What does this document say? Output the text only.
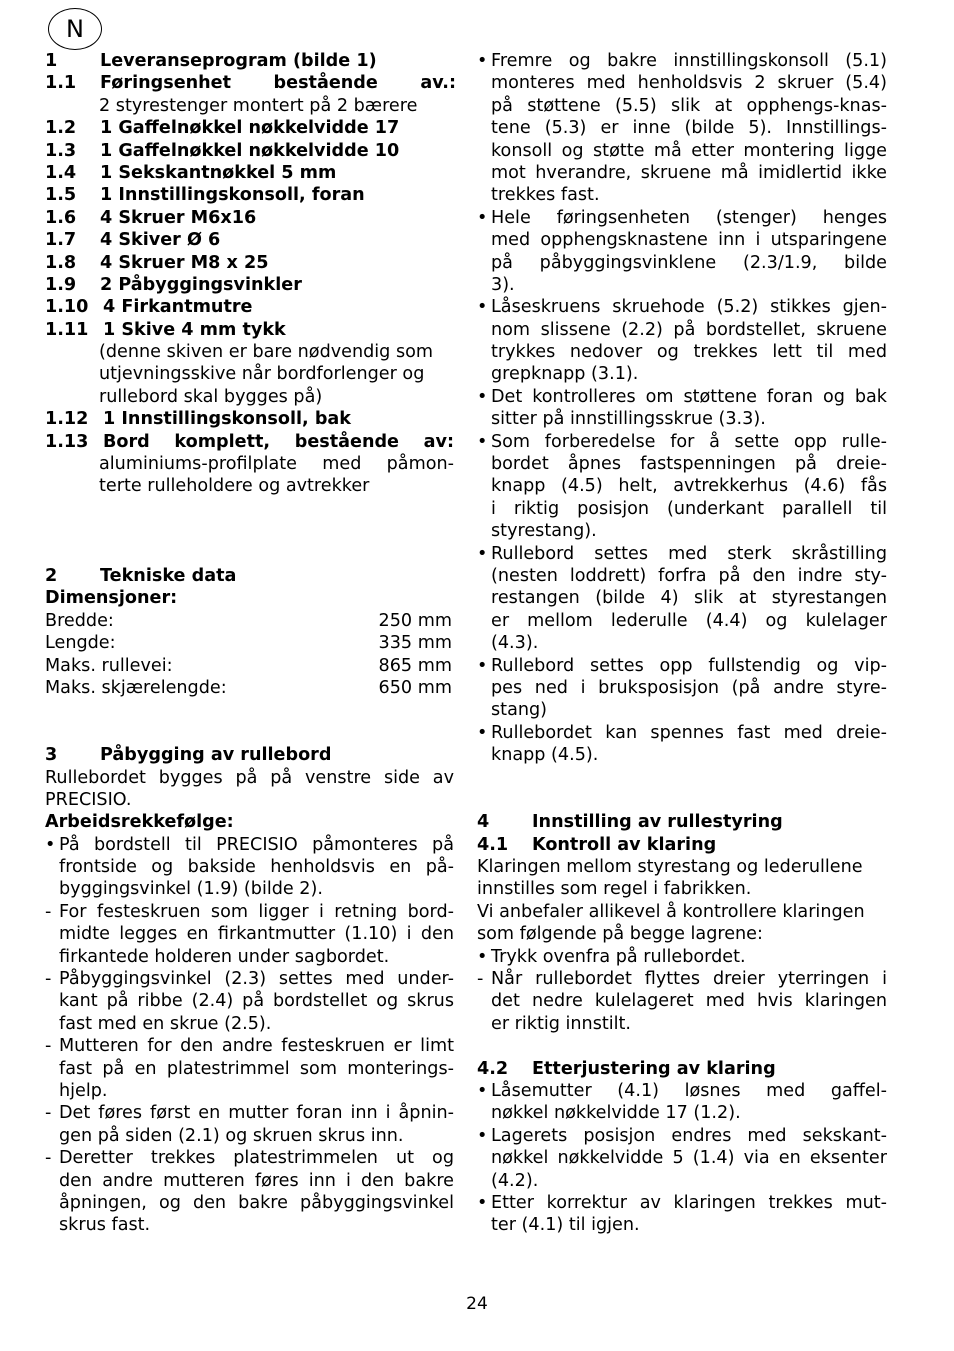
N
1 Leveranseprogram (bilde 1)
1.1	Føringsenhet bestående av.:
2 styrestenger montert på 2 bærere
1.2 1 Gaffelnøkkel nøkkelvidde 17
1.3 1 Gaffelnøkkel nøkkelvidde 10
1.4 1 Sekskantnøkkel 5 mm
1.5 1 Innstillingskonsoll, foran
1.6 4 Skruer M6x16
1.7 4 Skiver Ø 6
1.8 4 Skruer M8 x 25
1.9 2 Påbyggingsvinkler
1.10 4 Firkantmutre
1.11 1 Skive 4 mm tykk
(denne skiven er bare nødvendig som
utjevningsskive når bordforlenger og
rullebord skal bygges på)
1.12 1 Innstillingskonsoll, bak
1.13 Bord komplett, bestående av:
aluminiums-profilplate med påmon-
terte rulleholdere og avtrekker
2 Tekniske data
Dimensjoner:
Bredde:	250 mm
Lengde:	335 mm
Maks. rullevei:	865 mm
Maks. skjærelengde:	650 mm
3 Påbygging av rullebord
Rullebordet bygges på på venstre side av
PRECISIO.
Arbeidsrekkefølge:
• På bordstell til PRECISIO påmonteres på
frontside og bakside henholdsvis en på-
byggingsvinkel (1.9) (bilde 2).
- For festeskruen som ligger i retning bord-
midte legges en firkantmutter (1.10) i den
firkantede holderen under sagbordet.
- Påbyggingsvinkel (2.3) settes med under-
kant på ribbe (2.4) på bordstellet og skrus
fast med en skrue (2.5).
- Mutteren for den andre festeskruen er limt
fast på en platestrimmel som monterings-
hjelp.
- Det føres først en mutter foran inn i åpnin-
gen på siden (2.1) og skruen skrus inn.
- Deretter trekkes platestrimmelen ut og
den andre mutteren føres inn i den bakre
åpningen, og den bakre påbyggingsvinkel
skrus fast.
• Fremre og bakre innstillingskonsoll (5.1)
monteres med henholdsvis 2 skruer (5.4)
på støttene (5.5) slik at opphengs-knas-
tene (5.3) er inne (bilde 5). Innstillings-
konsoll og støtte må etter montering ligge
mot hverandre, skruene må imidlertid ikke
trekkes fast.
• Hele føringsenheten (stenger) henges
med opphengsknastene inn i utsparingene
på påbyggingsvinklene (2.3/1.9, bilde
3).
• Låseskruens skruehode (5.2) stikkes gjen-
nom slissene (2.2) på bordstellet, skruene
trykkes nedover og trekkes lett til med
grepknapp (3.1).
• Det kontrolleres om støttene foran og bak
sitter på innstillingsskrue (3.3).
• Som forberedelse for å sette opp rulle-
bordet åpnes fastspenningen på dreie-
knapp (4.5) helt, avtrekkerhus (4.6) fås
i riktig posisjon (underkant parallell til
styrestang).
• Rullebord settes med sterk skråstilling
(nesten loddrett) forfra på den indre sty-
restangen (bilde 4) slik at styrestangen
er mellom lederulle (4.4) og kulelager
(4.3).
• Rullebord settes opp fullstendig og vip-
pes ned i bruksposisjon (på andre styre-
stang)
• Rullebordet kan spennes fast med dreie-
knapp (4.5).
4 Innstilling av rullestyring
4.1 Kontroll av klaring
Klaringen mellom styrestang og lederullene
innstilles som regel i fabrikken.
Vi anbefaler allikevel å kontrollere klaringen
som følgende på begge lagrene:
• Trykk ovenfra på rullebordet.
- Når rullebordet flyttes dreier yterringen i
det nedre kulelageret med hvis klaringen
er riktig innstilt.
4.2 Etterjustering av klaring
• Låsemutter (4.1) løsnes med gaffel-
nøkkel nøkkelvidde 17 (1.2).
• Lagerets posisjon endres med sekskant-
nøkkel nøkkelvidde 5 (1.4) via en eksenter
(4.2).
• Etter korrektur av klaringen trekkes mut-
ter (4.1) til igjen.
24
